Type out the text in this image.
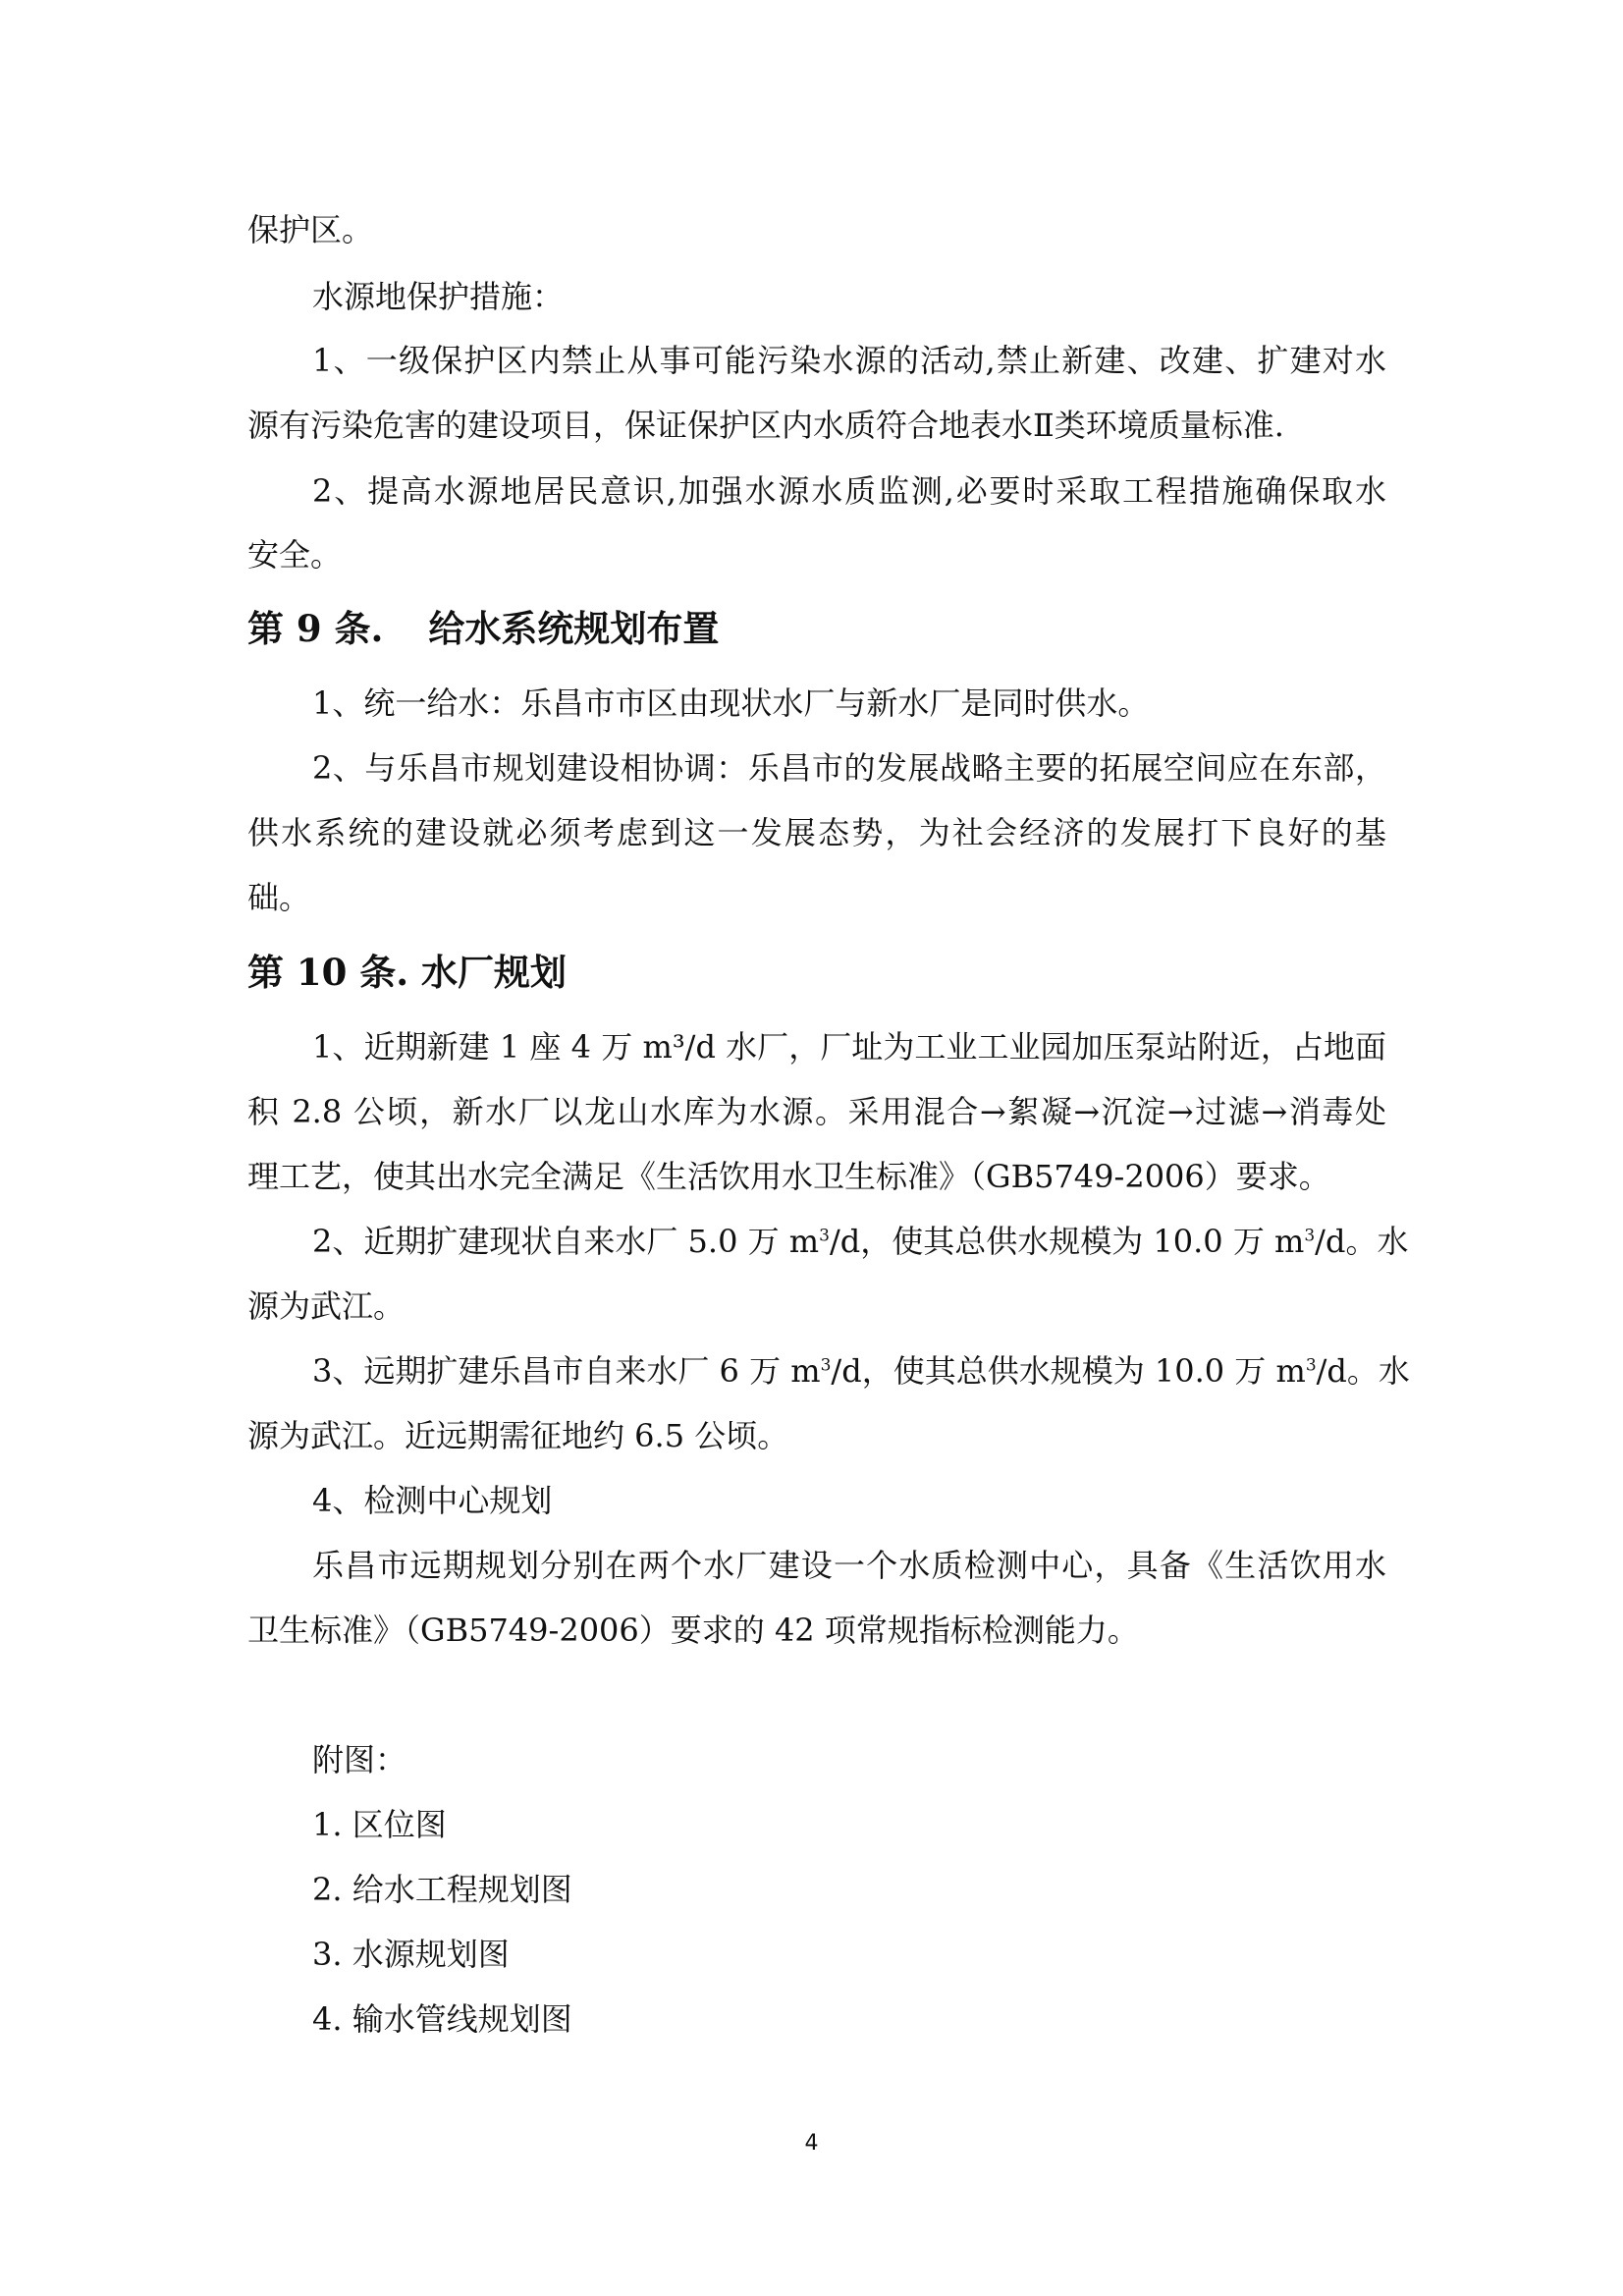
保护区。
水源地保护措施：
1、一级保护区内禁止从事可能污染水源的活动,禁止新建、改建、扩建对水
源有污染危害的建设项目，保证保护区内水质符合地表水Ⅱ类环境质量标准.
2、提高水源地居民意识,加强水源水质监测,必要时采取工程措施确保取水
安全。
第 9 条. 给水系统规划布置
1、统一给水：乐昌市市区由现状水厂与新水厂是同时供水。
2、与乐昌市规划建设相协调：乐昌市的发展战略主要的拓展空间应在东部，
供水系统的建设就必须考虑到这一发展态势，为社会经济的发展打下良好的基
础。
第 10 条. 水厂规划
1、近期新建 1 座 4 万 m³/d 水厂，厂址为工业工业园加压泵站附近，占地面
积 2.8 公顷，新水厂以龙山水库为水源。采用混合→絮凝→沉淀→过滤→消毒处
理工艺，使其出水完全满足《生活饮用水卫生标准》（GB5749-2006）要求。
2、近期扩建现状自来水厂 5.0 万 $m^3/d$，使其总供水规模为 10.0 万 $m^3/d$。水
源为武江。
3、远期扩建乐昌市自来水厂 6 万 $m^3/d$，使其总供水规模为 10.0 万 $m^3/d$。水
源为武江。近远期需征地约 6.5 公顷。
4、检测中心规划
乐昌市远期规划分别在两个水厂建设一个水质检测中心，具备《生活饮用水
卫生标准》（GB5749-2006）要求的 42 项常规指标检测能力。
附图：
1. 区位图
2. 给水工程规划图
3. 水源规划图
4. 输水管线规划图
4
